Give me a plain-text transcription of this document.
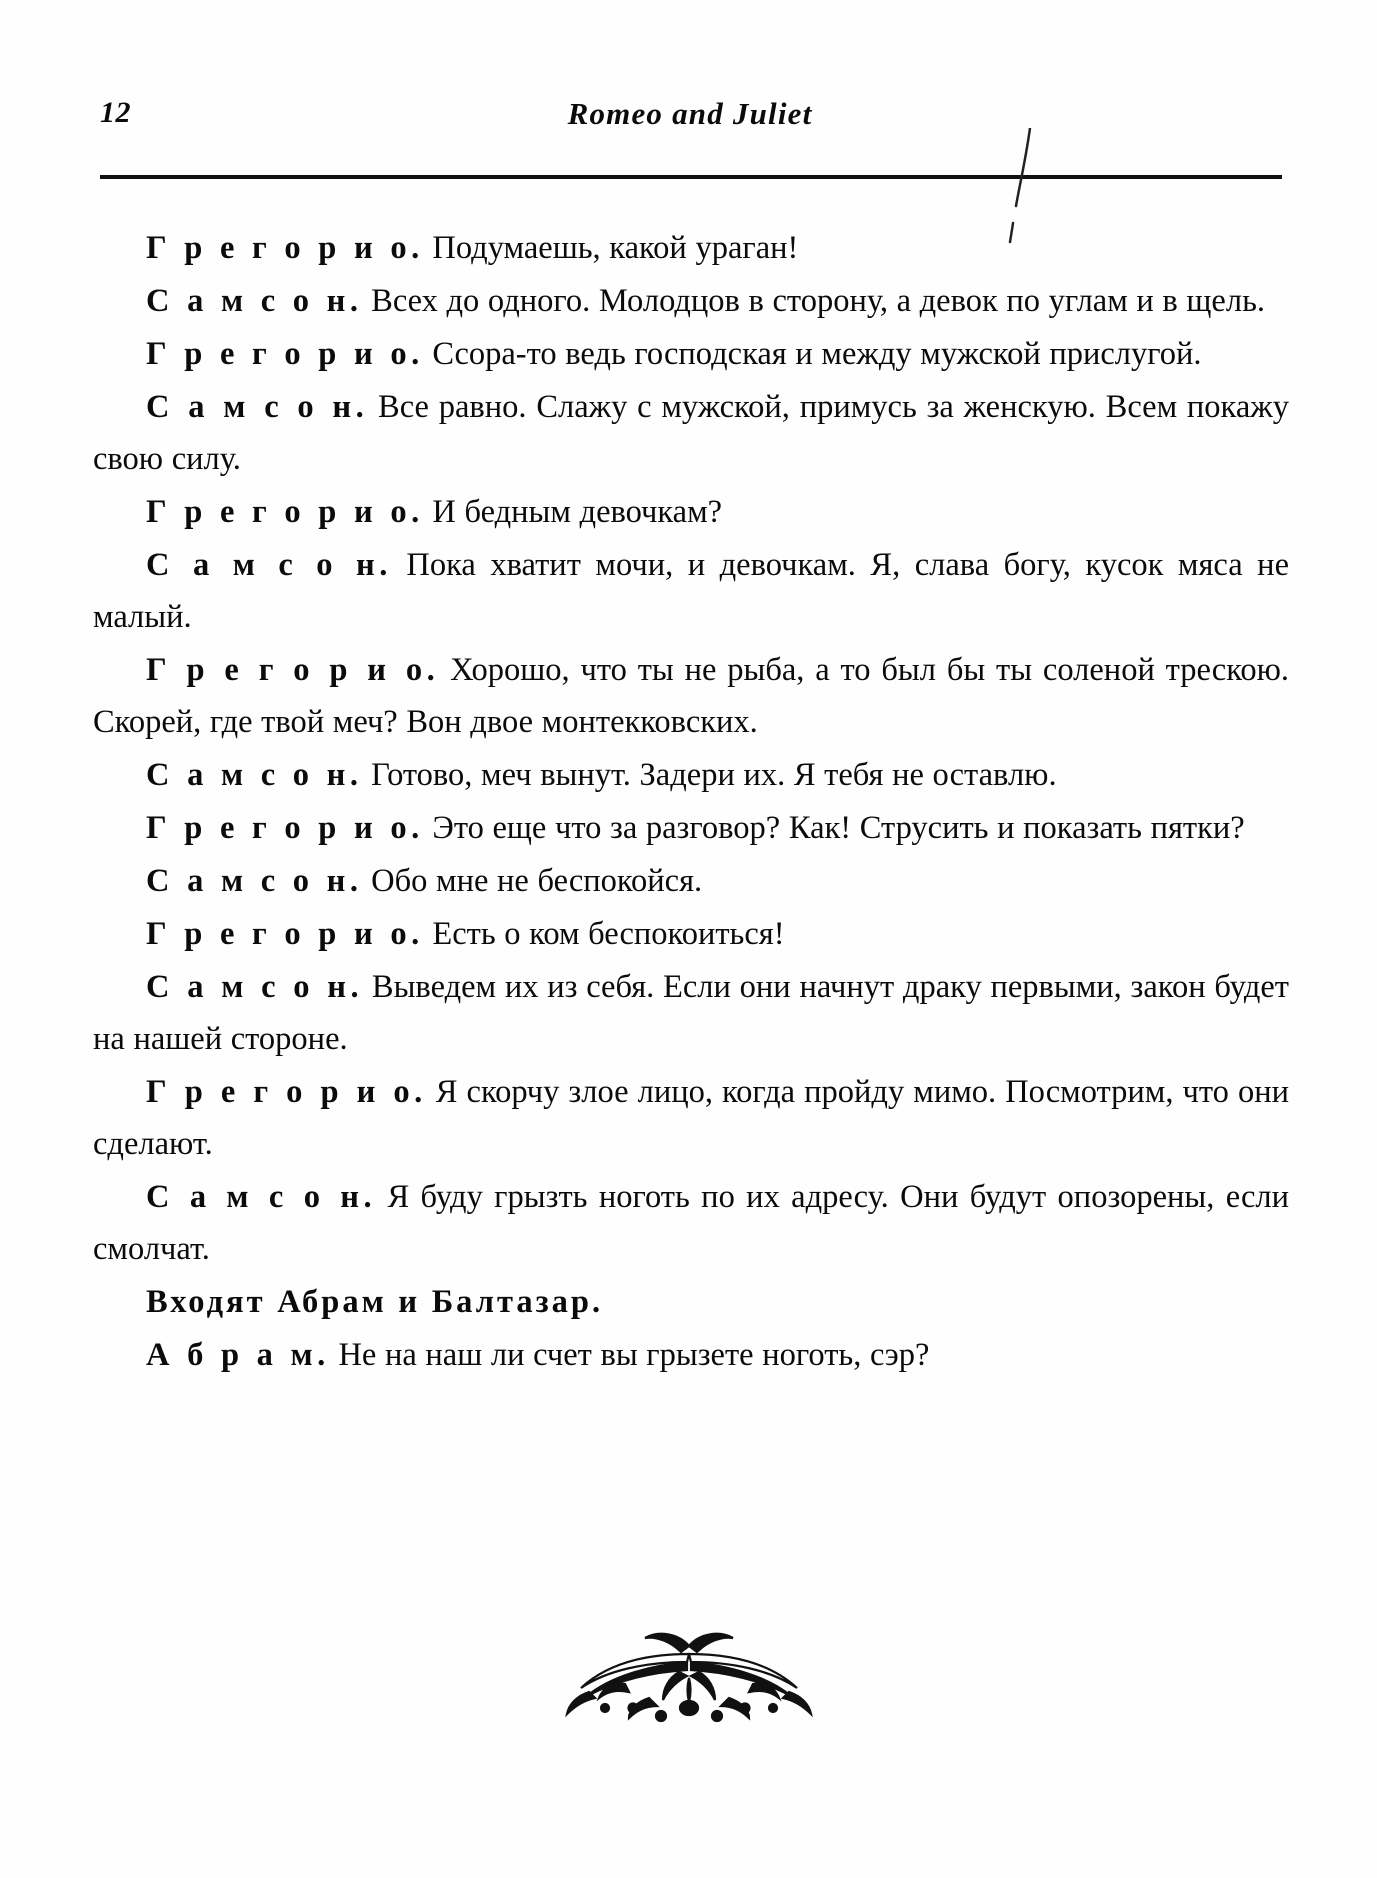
12	Romeo and Juliet

Г р е г о р и о. Подумаешь, какой ураган!

С а м с о н. Всех до одного. Молодцов в сторону, а девок по углам и в щель.

Г р е г о р и о. Ссора-то ведь господская и между мужской прислугой.

С а м с о н. Все равно. Слажу с мужской, примусь за женскую. Всем покажу свою силу.

Г р е г о р и о. И бедным девочкам?

С а м с о н. Пока хватит мочи, и девочкам. Я, слава богу, кусок мяса не малый.

Г р е г о р и о. Хорошо, что ты не рыба, а то был бы ты соленой трескою. Скорей, где твой меч? Вон двое монтекковских.

С а м с о н. Готово, меч вынут. Задери их. Я тебя не оставлю.

Г р е г о р и о. Это еще что за разговор? Как! Струсить и показать пятки?

С а м с о н. Обо мне не беспокойся.

Г р е г о р и о. Есть о ком беспокоиться!

С а м с о н. Выведем их из себя. Если они начнут драку первыми, закон будет на нашей стороне.

Г р е г о р и о. Я скорчу злое лицо, когда пройду мимо. Посмотрим, что они сделают.

С а м с о н. Я буду грызть ноготь по их адресу. Они будут опозорены, если смолчат.

Входят Абрам и Балтазар.

А б р а м. Не на наш ли счет вы грызете ноготь, сэр?
